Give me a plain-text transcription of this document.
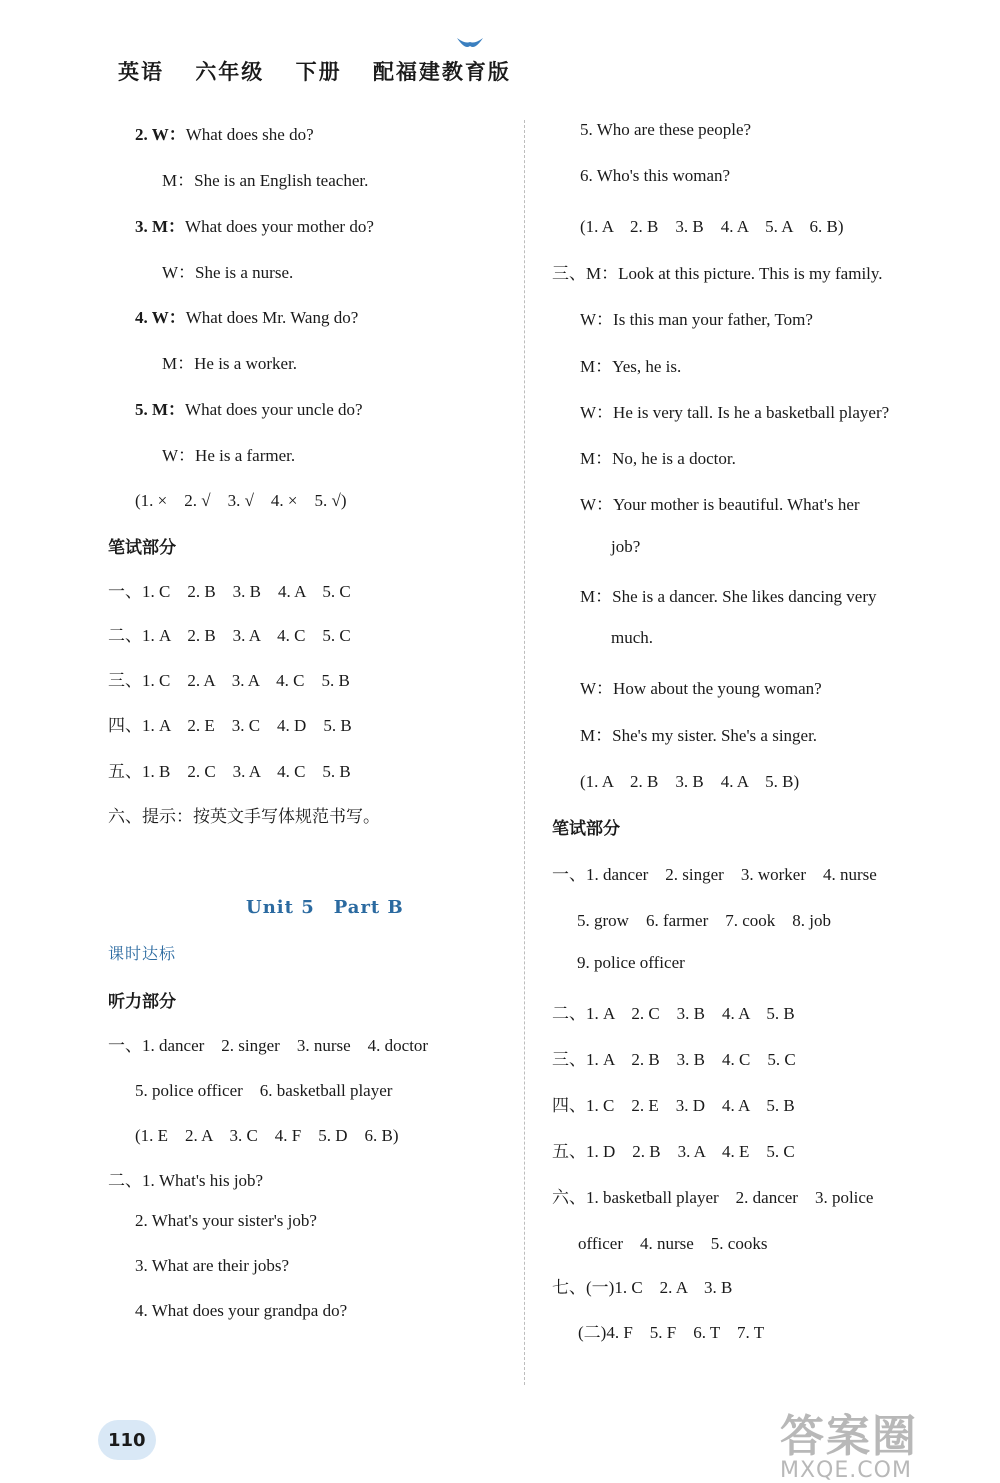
英语 六年级 下册 配福建教育版
2. W：What does she do?
M：She is an English teacher.
3. M：What does your mother do?
W：She is a nurse.
4. W：What does Mr. Wang do?
M：He is a worker.
5. M：What does your uncle do?
W：He is a farmer.
(1. ×　2. √　3. √　4. ×　5. √)
笔试部分
一、1. C　2. B　3. B　4. A　5. C
二、1. A　2. B　3. A　4. C　5. C
三、1. C　2. A　3. A　4. C　5. B
四、1. A　2. E　3. C　4. D　5. B
五、1. B　2. C　3. A　4. C　5. B
六、提示：按英文手写体规范书写。
Unit 5　Part B
课时达标
听力部分
一、1. dancer　2. singer　3. nurse　4. doctor
5. police officer　6. basketball player
(1. E　2. A　3. C　4. F　5. D　6. B)
二、1. What's his job?
2. What's your sister's job?
3. What are their jobs?
4. What does your grandpa do?
5. Who are these people?
6. Who's this woman?
(1. A　2. B　3. B　4. A　5. A　6. B)
三、M：Look at this picture. This is my family.
W：Is this man your father, Tom?
M：Yes, he is.
W：He is very tall. Is he a basketball player?
M：No, he is a doctor.
W：Your mother is beautiful. What's her
job?
M：She is a dancer. She likes dancing very
much.
W：How about the young woman?
M：She's my sister. She's a singer.
(1. A　2. B　3. B　4. A　5. B)
笔试部分
一、1. dancer　2. singer　3. worker　4. nurse
5. grow　6. farmer　7. cook　8. job
9. police officer
二、1. A　2. C　3. B　4. A　5. B
三、1. A　2. B　3. B　4. C　5. C
四、1. C　2. E　3. D　4. A　5. B
五、1. D　2. B　3. A　4. E　5. C
六、1. basketball player　2. dancer　3. police
officer　4. nurse　5. cooks
七、(一)1. C　2. A　3. B
(二)4. F　5. F　6. T　7. T
110	答案圈
MXQE.COM
